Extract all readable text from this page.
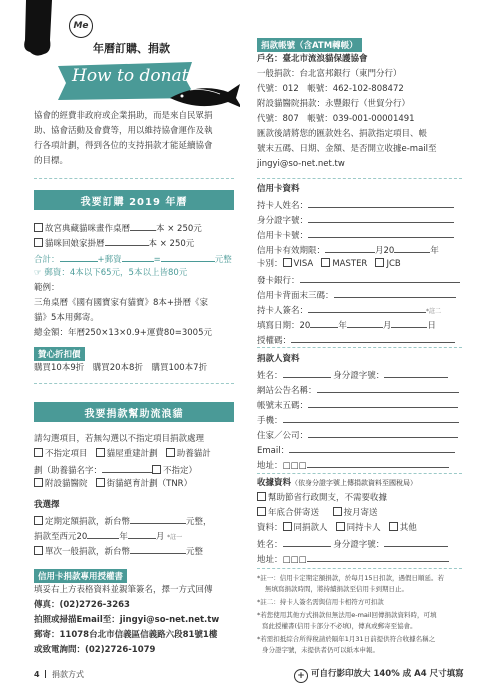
Me
年曆訂購、捐款
How to donate
協會的經費非政府或企業捐助，而是來自民眾捐
助、協會活動及會費等，用以維持協會運作及執
行各項計劃，得到各位的支持捐款才能延續協會
的目標。
捐款帳號（含ATM轉帳）
戶名：臺北市流浪貓保護協會
一般捐款：台北富邦銀行（東門分行）
代號：012　帳號：462-102-808472
附設貓醫院捐款：永豐銀行（世貿分行）
代號：807　帳號：039-001-00001491
匯款後請將您的匯款姓名、捐款指定項目、帳
號末五碼、日期、金額、是否開立收據e-mail至
jingyi@so-net.net.tw
我要訂購 2019 年曆
故宮典藏貓咪畫作桌曆	本 × 250元
貓咪回娘家掛曆	本 × 250元
合計：	+郵資	=	元整
☞ 郵資：4本以下65元，5本以上皆80元
範例：
三角桌曆《國有國寶家有貓寶》8本+掛曆《家
貓》5本用郵寄。
總金額：年曆250×13×0.9+運費80=3005元
贊心折扣價
購買10本9折　購買20本8折　購買100本7折
我要捐款幫助流浪貓
請勾選項目，若無勾選以不指定項目捐款處理
不指定項目 貓屋重建計劃 助養貓計
劃（助養貓名字：	不指定）
附設貓醫院 街貓絕育計劃（TNR）
我選擇
定期定額捐款，新台幣	元整，
捐款至西元20	年	月 *註一
單次一般捐款，新台幣	元整
信用卡捐款專用授權書
填妥右上方表格資料並親筆簽名，擇一方式回傳
傳真：(02)2726-3263
拍照或掃描Email至：jingyi@so-net.net.tw
郵寄：11078台北市信義區信義路六段81號1樓
或致電詢問：(02)2726-1079
信用卡資料
持卡人姓名：
身分證字號：
信用卡卡號：
信用卡有效期限：	月20	年
卡別： VISA MASTER JCB
發卡銀行：
信用卡背面末三碼：
持卡人簽名：	*註二
填寫日期：20	年	月	日
授權碼：
捐款人資料
姓名：	身分證字號：
網站公告名稱：
帳號末五碼：
手機：
住家／公司：
Email：
地址：□□□
收據資料（依身分證字號上傳捐款資料至國稅局）
幫助節省行政開支，不需要收據
年底合併寄送	按月寄送
資料： 同捐款人 同持卡人 其他
姓名：	身分證字號：
地址：□□□
*註一：信用卡定期定額捐款，於每月15日扣款，遇假日順延。若
無填寫捐款時間，將持續捐款至信用卡到期日止。
*註二：持卡人簽名需與信用卡相符方可扣款
*若您使用其他方式捐款但無法用e-mail回傳捐款資料時，可填
寫此授權書(信用卡部分不必填)，傳真或郵寄至協會。
*若需扣抵綜合所得稅請於隔年1月31日前提供符合收據名稱之
身分證字號，未提供者仍可以紙本申報。
4 捐款方式	+ 可自行影印放大 140% 成 A4 尺寸填寫
